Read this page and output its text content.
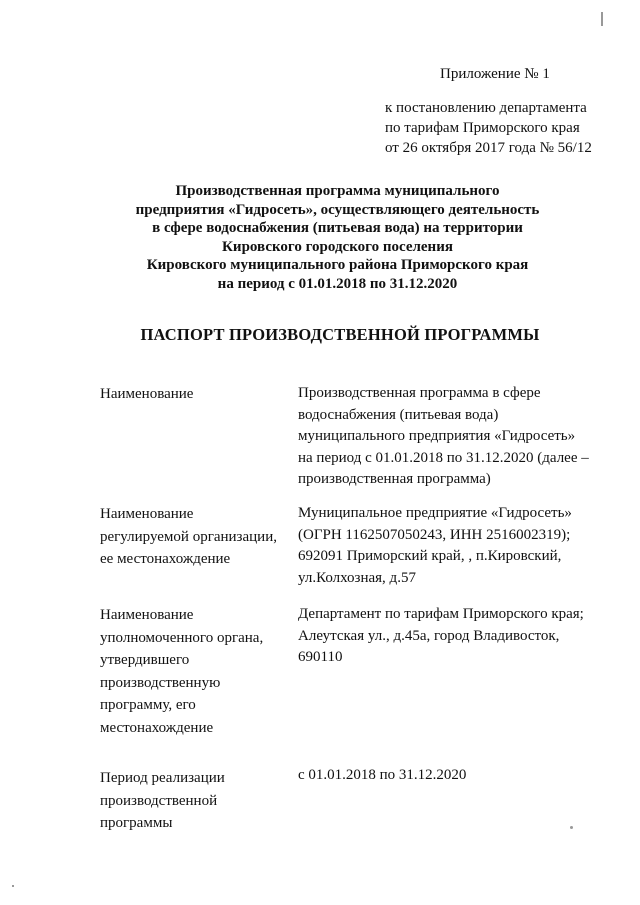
Приложение № 1
к постановлению департамента
по тарифам Приморского края
от 26 октября 2017 года № 56/12
Производственная программа муниципального
предприятия «Гидросеть», осуществляющего деятельность
в сфере водоснабжения (питьевая вода) на территории
Кировского городского поселения
Кировского муниципального района Приморского края
на период с 01.01.2018 по 31.12.2020
ПАСПОРТ ПРОИЗВОДСТВЕННОЙ ПРОГРАММЫ
Наименование	Производственная программа в сфере
водоснабжения (питьевая вода)
муниципального предприятия «Гидросеть»
на период с 01.01.2018 по 31.12.2020 (далее –
производственная программа)
Наименование
регулируемой организации,
ее местонахождение
Муниципальное предприятие «Гидросеть»
(ОГРН 1162507050243, ИНН 2516002319);
692091 Приморский край, , п.Кировский,
ул.Колхозная, д.57
Наименование
уполномоченного органа,
утвердившего
производственную
программу, его
местонахождение
Департамент по тарифам Приморского края;
Алеутская ул., д.45а, город Владивосток,
690110
Период реализации
производственной
программы
с 01.01.2018 по 31.12.2020
